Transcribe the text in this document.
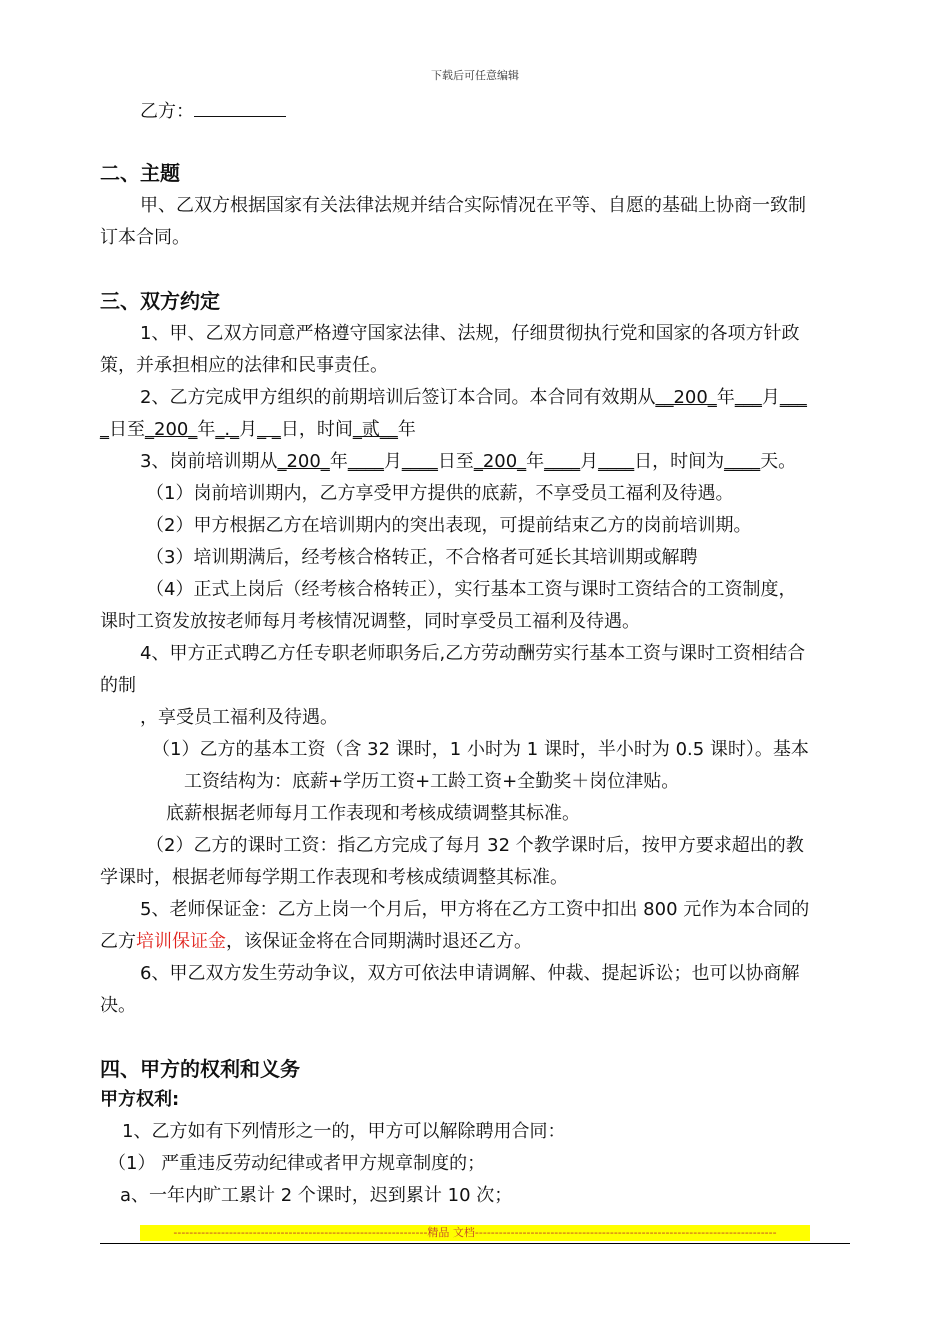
下载后可任意编辑
乙方：
二、主题
甲、乙双方根据国家有关法律法规并结合实际情况在平等、自愿的基础上协商一致制
订本合同。
三、双方约定
1、甲、乙双方同意严格遵守国家法律、法规，仔细贯彻执行党和国家的各项方针政
策，并承担相应的法律和民事责任。
2、乙方完成甲方组织的前期培训后签订本合同。本合同有效期从__200_年___月___
_日至_200_年_._月_ _日，时间_贰__年
3、岗前培训期从_200_年____月____日至_200_年____月____日，时间为____天。
（1）岗前培训期内，乙方享受甲方提供的底薪，不享受员工福利及待遇。
（2）甲方根据乙方在培训期内的突出表现，可提前结束乙方的岗前培训期。
（3）培训期满后，经考核合格转正，不合格者可延长其培训期或解聘
（4）正式上岗后（经考核合格转正），实行基本工资与课时工资结合的工资制度，
课时工资发放按老师每月考核情况调整，同时享受员工福利及待遇。
4、甲方正式聘乙方任专职老师职务后,乙方劳动酬劳实行基本工资与课时工资相结合
的制
，享受员工福利及待遇。
（1）乙方的基本工资（含 32 课时，1 小时为 1 课时，半小时为 0.5 课时）。基本
工资结构为：底薪+学历工资+工龄工资+全勤奖＋岗位津贴。
底薪根据老师每月工作表现和考核成绩调整其标准。
（2）乙方的课时工资：指乙方完成了每月 32 个教学课时后，按甲方要求超出的教
学课时，根据老师每学期工作表现和考核成绩调整其标准。
5、老师保证金：乙方上岗一个月后，甲方将在乙方工资中扣出 800 元作为本合同的
乙方培训保证金，该保证金将在合同期满时退还乙方。
6、甲乙双方发生劳动争议，双方可依法申请调解、仲裁、提起诉讼；也可以协商解
决。
四、甲方的权利和义务
甲方权利:
1、乙方如有下列情形之一的，甲方可以解除聘用合同：
（1） 严重违反劳动纪律或者甲方规章制度的；
a、一年内旷工累计 2 个课时，迟到累计 10 次；
----------------------------------------------------------------精品 文档----------------------------------------------------------------------------
